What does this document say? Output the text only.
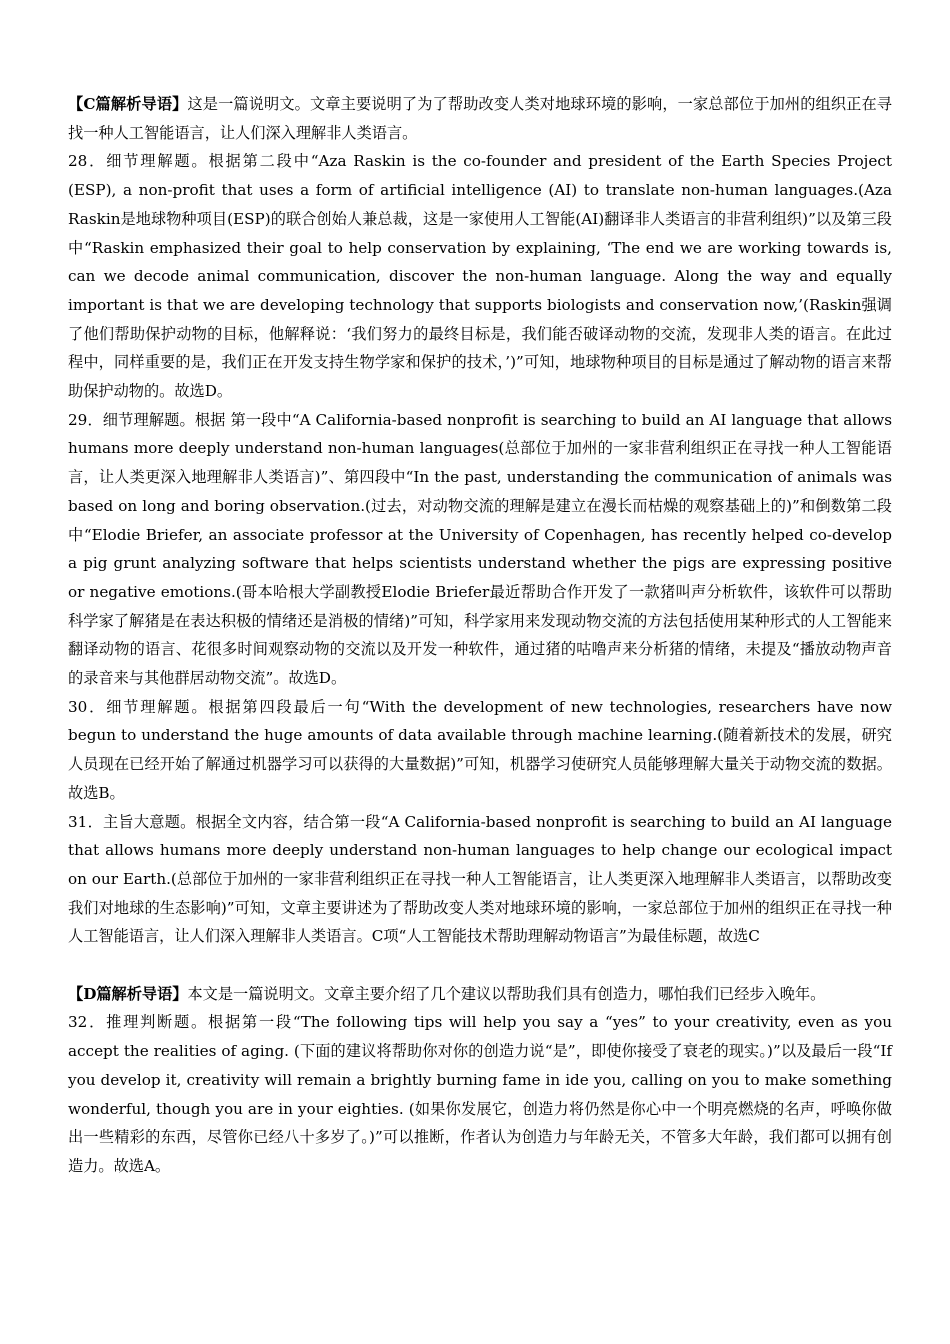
【C篇解析导语】这是一篇说明文。文章主要说明了为了帮助改变人类对地球环境的影响，一家总部位于加州的组织正在寻找一种人工智能语言，让人们深入理解非人类语言。

28．细节理解题。根据第二段中“Aza Raskin is the co-founder and president of the Earth Species Project (ESP), a non-profit that uses a form of artificial intelligence (AI) to translate non-human languages.(Aza Raskin是地球物种项目(ESP)的联合创始人兼总裁，这是一家使用人工智能(AI)翻译非人类语言的非营利组织)”以及第三段中“Raskin emphasized their goal to help conservation by explaining, ‘The end we are working towards is, can we decode animal communication, discover the non-human language. Along the way and equally important is that we are developing technology that supports biologists and conservation now,’(Raskin强调了他们帮助保护动物的目标，他解释说：‘我们努力的最终目标是，我们能否破译动物的交流，发现非人类的语言。在此过程中，同样重要的是，我们正在开发支持生物学家和保护的技术，’)”可知，地球物种项目的目标是通过了解动物的语言来帮助保护动物的。故选D。

29．细节理解题。根据 第一段中“A California-based nonprofit is searching to build an AI language that allows humans more deeply understand non-human languages(总部位于加州的一家非营利组织正在寻找一种人工智能语言，让人类更深入地理解非人类语言)”、第四段中“In the past, understanding the communication of animals was based on long and boring observation.(过去，对动物交流的理解是建立在漫长而枯燥的观察基础上的)”和倒数第二段中“Elodie Briefer, an associate professor at the University of Copenhagen, has recently helped co-develop a pig grunt analyzing software that helps scientists understand whether the pigs are expressing positive or negative emotions.(哥本哈根大学副教授Elodie Briefer最近帮助合作开发了一款猪叫声分析软件，该软件可以帮助科学家了解猪是在表达积极的情绪还是消极的情绪)”可知，科学家用来发现动物交流的方法包括使用某种形式的人工智能来翻译动物的语言、花很多时间观察动物的交流以及开发一种软件，通过猪的咕噜声来分析猪的情绪，未提及“播放动物声音的录音来与其他群居动物交流”。故选D。

30．细节理解题。根据第四段最后一句“With the development of new technologies, researchers have now begun to understand the huge amounts of data available through machine learning.(随着新技术的发展，研究人员现在已经开始了解通过机器学习可以获得的大量数据)”可知，机器学习使研究人员能够理解大量关于动物交流的数据。故选B。

31．主旨大意题。根据全文内容，结合第一段“A California-based nonprofit is searching to build an AI language that allows humans more deeply understand non-human languages to help change our ecological impact on our Earth.(总部位于加州的一家非营利组织正在寻找一种人工智能语言，让人类更深入地理解非人类语言，以帮助改变我们对地球的生态影响)”可知，文章主要讲述为了帮助改变人类对地球环境的影响，一家总部位于加州的组织正在寻找一种人工智能语言，让人们深入理解非人类语言。C项“人工智能技术帮助理解动物语言”为最佳标题，故选C

【D篇解析导语】本文是一篇说明文。文章主要介绍了几个建议以帮助我们具有创造力，哪怕我们已经步入晚年。

32．推理判断题。根据第一段“The following tips will help you say a “yes” to your creativity, even as you accept the realities of aging. (下面的建议将帮助你对你的创造力说“是”，即使你接受了衰老的现实。)”以及最后一段“If you develop it, creativity will remain a brightly burning fame in ide you, calling on you to make something wonderful, though you are in your eighties. (如果你发展它，创造力将仍然是你心中一个明亮燃烧的名声，呼唤你做出一些精彩的东西，尽管你已经八十多岁了。)”可以推断，作者认为创造力与年龄无关，不管多大年龄，我们都可以拥有创造力。故选A。
